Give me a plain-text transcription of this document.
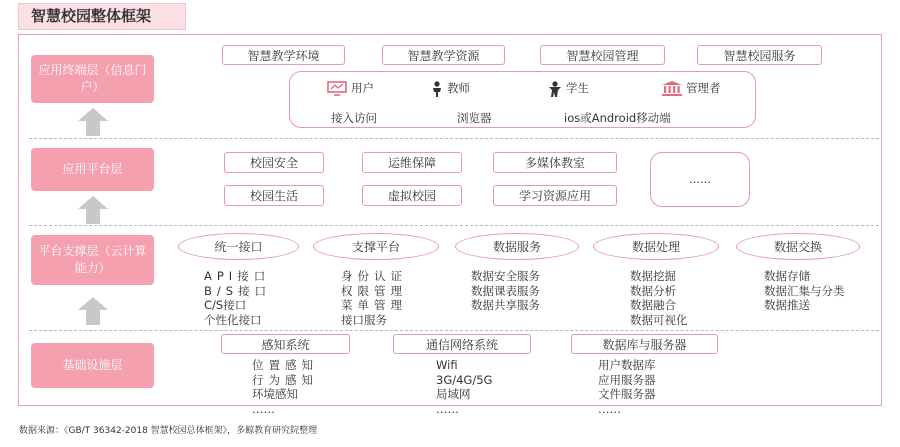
智慧校园整体框架
应用终端层（信息门户）
应用平台层
平台支撑层（云计算能力）
基础设施层
智慧教学环境	智慧教学资源	智慧校园管理	智慧校园服务
用户	教师	学生	管理者
接入访问	浏览器	ios或Android移动端
校园安全	运维保障	多媒体教室
校园生活	虚拟校园	学习资源应用
……
统一接口	支撑平台	数据服务	数据处理	数据交换
API接口
B/S接口
C/S接口
个性化接口
身份认证
权限管理
菜单管理
接口服务
数据安全服务
数据课表服务
数据共享服务
数据挖掘
数据分析
数据融合
数据可视化
数据存储
数据汇集与分类
数据推送
感知系统	通信网络系统	数据库与服务器
位置感知
行为感知
环境感知
……
Wifi
3G/4G/5G
局域网
……
用户数据库
应用服务器
文件服务器
……
数据来源：《GB/T 36342-2018 智慧校园总体框架》，多鲸教育研究院整理
